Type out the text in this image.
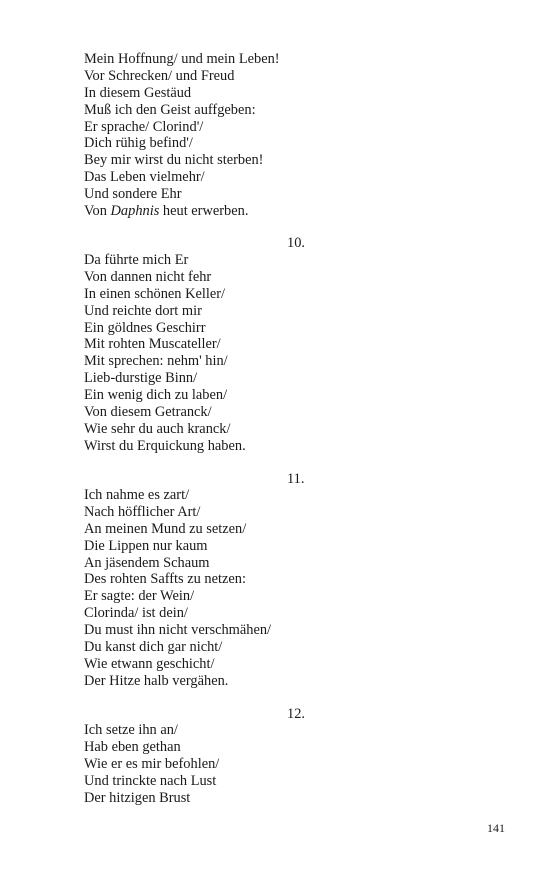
Mein Hoffnung/ und mein Leben!

Vor Schrecken/ und Freud

In diesem Gestäud

Muß ich den Geist auffgeben:

Er sprache/ Clorind'/

Dich rühig befind'/

Bey mir wirst du nicht sterben!

Das Leben vielmehr/

Und sondere Ehr

Von Daphnis heut erwerben.

10.

Da führte mich Er

Von dannen nicht fehr

In einen schönen Keller/

Und reichte dort mir

Ein göldnes Geschirr

Mit rohten Muscateller/

Mit sprechen: nehm' hin/

Lieb-durstige Binn/

Ein wenig dich zu laben/

Von diesem Getranck/

Wie sehr du auch kranck/

Wirst du Erquickung haben.

11.

Ich nahme es zart/

Nach höfflicher Art/

An meinen Mund zu setzen/

Die Lippen nur kaum

An jäsendem Schaum

Des rohten Saffts zu netzen:

Er sagte: der Wein/

Clorinda/ ist dein/

Du must ihn nicht verschmähen/

Du kanst dich gar nicht/

Wie etwann geschicht/

Der Hitze halb vergähen.

12.

Ich setze ihn an/

Hab eben gethan

Wie er es mir befohlen/

Und trinckte nach Lust

Der hitzigen Brust

141
